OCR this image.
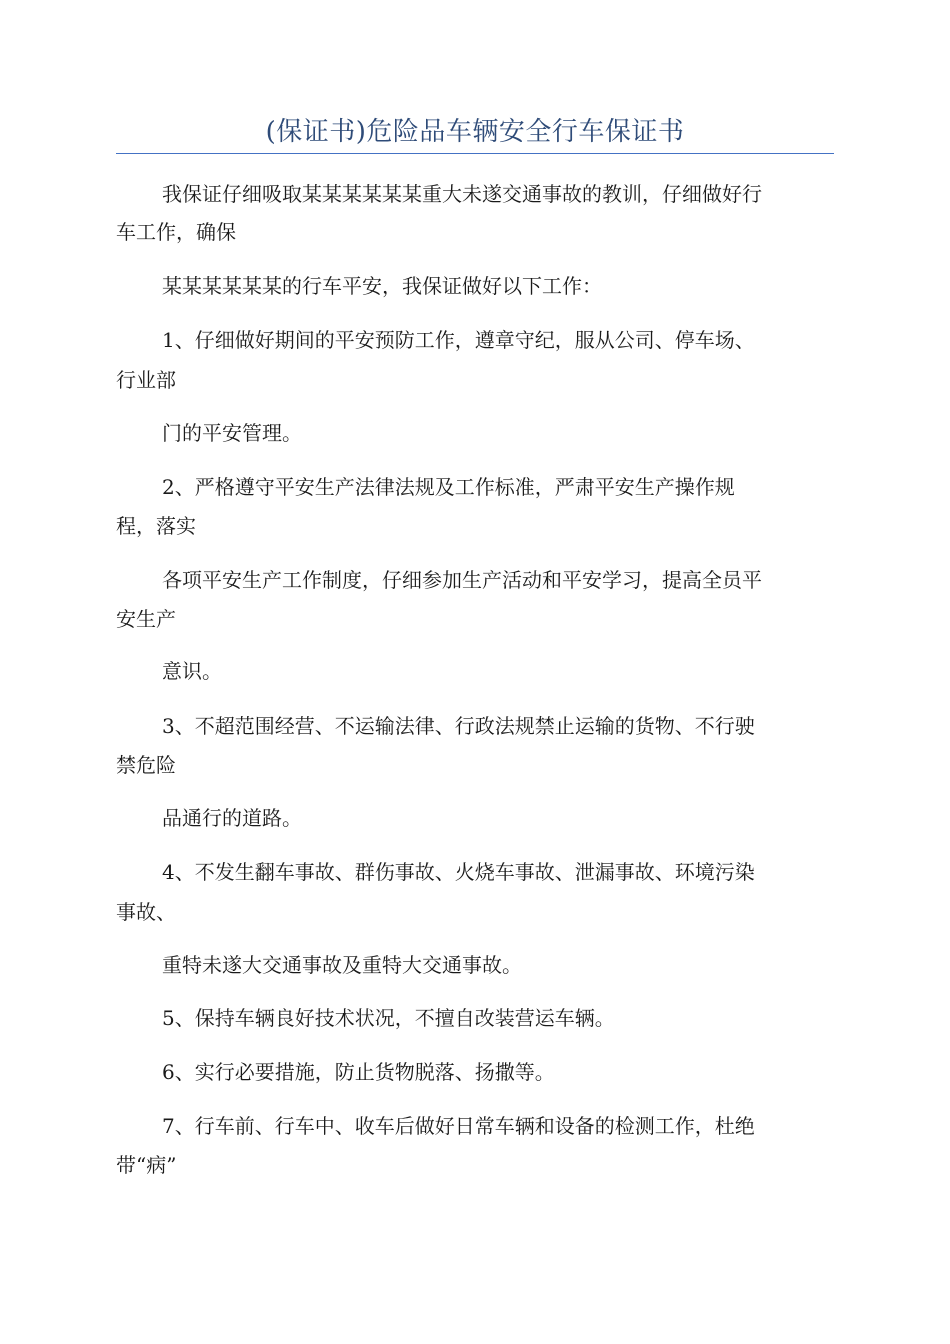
(保证书)危险品车辆安全行车保证书
我保证仔细吸取某某某某某某重大未遂交通事故的教训，仔细做好行
车工作，确保
某某某某某某的行车平安，我保证做好以下工作：
1、仔细做好期间的平安预防工作，遵章守纪，服从公司、停车场、
行业部
门的平安管理。
2、严格遵守平安生产法律法规及工作标准，严肃平安生产操作规
程，落实
各项平安生产工作制度，仔细参加生产活动和平安学习，提高全员平
安生产
意识。
3、不超范围经营、不运输法律、行政法规禁止运输的货物、不行驶
禁危险
品通行的道路。
4、不发生翻车事故、群伤事故、火烧车事故、泄漏事故、环境污染
事故、
重特未遂大交通事故及重特大交通事故。
5、保持车辆良好技术状况，不擅自改装营运车辆。
6、实行必要措施，防止货物脱落、扬撒等。
7、行车前、行车中、收车后做好日常车辆和设备的检测工作，杜绝
带“病”
